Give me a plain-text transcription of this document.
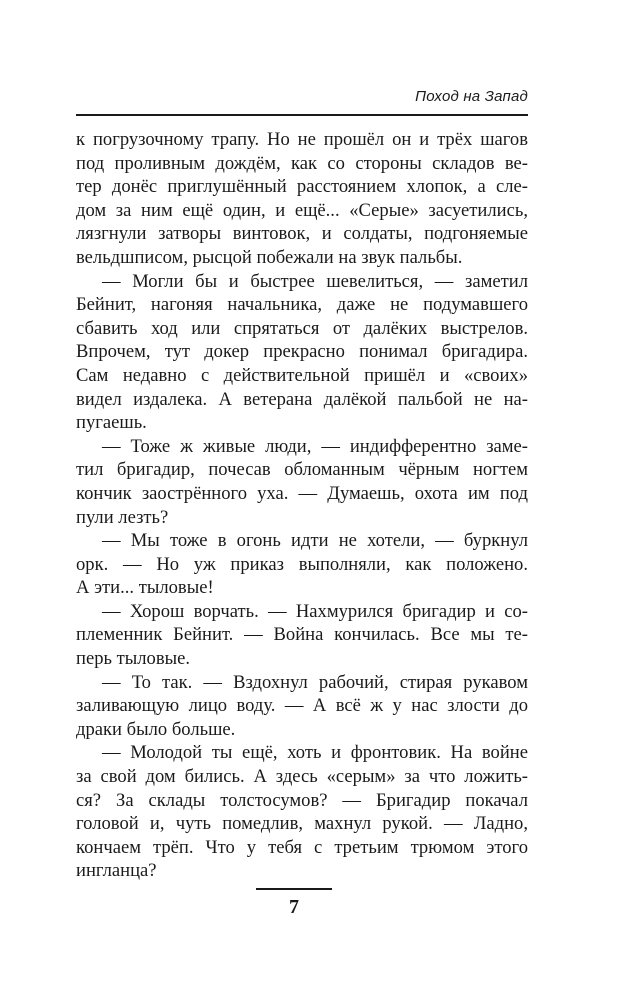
Поход на Запад
к погрузочному трапу. Но не прошёл он и трёх шагов
под проливным дождём, как со стороны складов ве-
тер донёс приглушённый расстоянием хлопок, а сле-
дом за ним ещё один, и ещё... «Серые» засуетились,
лязгнули затворы винтовок, и солдаты, подгоняемые
вельдшписом, рысцой побежали на звук пальбы.
— Могли бы и быстрее шевелиться, — заметил
Бейнит, нагоняя начальника, даже не подумавшего
сбавить ход или спрятаться от далёких выстрелов.
Впрочем, тут докер прекрасно понимал бригадира.
Сам недавно с действительной пришёл и «своих»
видел издалека. А ветерана далёкой пальбой не на-
пугаешь.
— Тоже ж живые люди, — индифферентно заме-
тил бригадир, почесав обломанным чёрным ногтем
кончик заострённого уха. — Думаешь, охота им под
пули лезть?
— Мы тоже в огонь идти не хотели, — буркнул
орк. — Но уж приказ выполняли, как положено.
А эти... тыловые!
— Хорош ворчать. — Нахмурился бригадир и со-
племенник Бейнит. — Война кончилась. Все мы те-
перь тыловые.
— То так. — Вздохнул рабочий, стирая рукавом
заливающую лицо воду. — А всё ж у нас злости до
драки было больше.
— Молодой ты ещё, хоть и фронтовик. На войне
за свой дом бились. А здесь «серым» за что ложить-
ся? За склады толстосумов? — Бригадир покачал
головой и, чуть помедлив, махнул рукой. — Ладно,
кончаем трёп. Что у тебя с третьим трюмом этого
ингланца?
7
